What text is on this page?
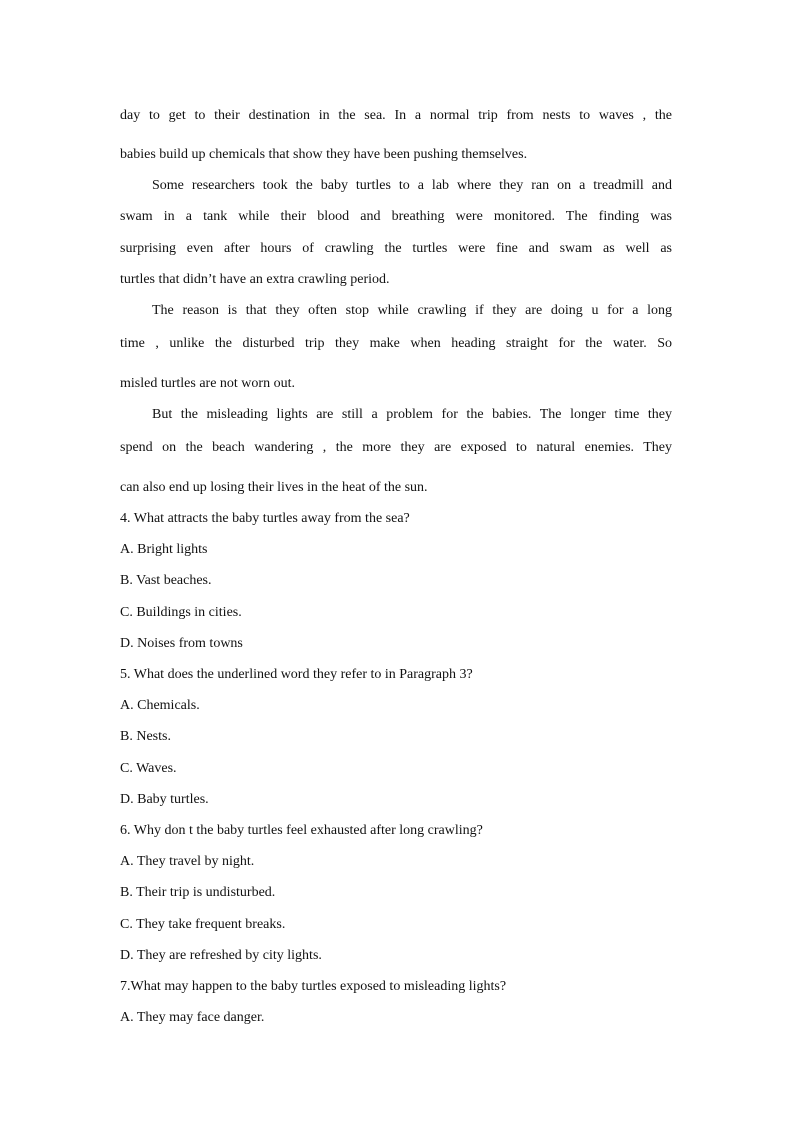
day to get to their destination in the sea. In a normal trip from nests to waves , the
babies build up chemicals that show they have been pushing themselves.
Some researchers took the baby turtles to a lab where they ran on a treadmill and
swam in a tank while their blood and breathing were monitored. The finding was
surprising even after hours of crawling the turtles were fine and swam as well as
turtles that didn’t have an extra crawling period.
The reason is that they often stop while crawling if they are doing u for a long
time , unlike the disturbed trip they make when heading straight for the water. So
misled turtles are not worn out.
But the misleading lights are still a problem for the babies. The longer time they
spend on the beach wandering , the more they are exposed to natural enemies. They
can also end up losing their lives in the heat of the sun.
4. What attracts the baby turtles away from the sea?
A. Bright lights
B. Vast beaches.
C. Buildings in cities.
D. Noises from towns
5. What does the underlined word they refer to in Paragraph 3?
A. Chemicals.
B. Nests.
C. Waves.
D. Baby turtles.
6. Why don t the baby turtles feel exhausted after long crawling?
A. They travel by night.
B. Their trip is undisturbed.
C. They take frequent breaks.
D. They are refreshed by city lights.
7.What may happen to the baby turtles exposed to misleading lights?
A. They may face danger.
